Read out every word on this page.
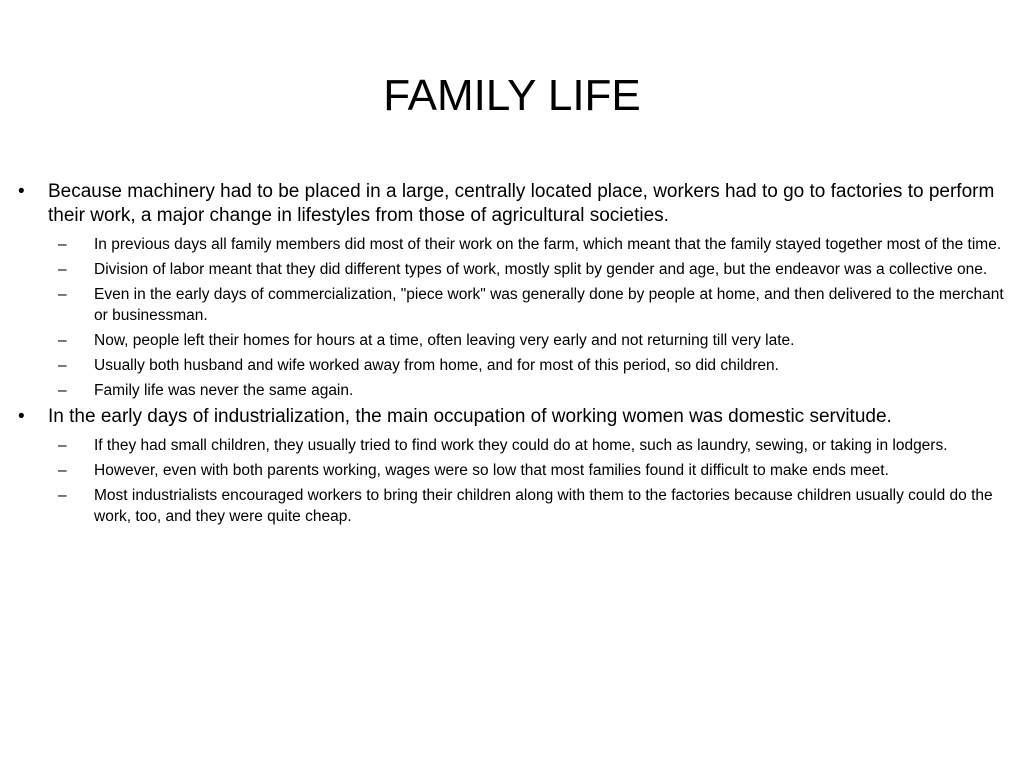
FAMILY LIFE
•	Because machinery had to be placed in a large, centrally located place, workers had to go to factories to perform their work, a major change in lifestyles from those of agricultural societies.
– In previous days all family members did most of their work on the farm, which meant that the family stayed together most of the time.
– Division of labor meant that they did different types of work, mostly split by gender and age, but the endeavor was a collective one.
– Even in the early days of commercialization, "piece work" was generally done by people at home, and then delivered to the merchant or businessman.
– Now, people left their homes for hours at a time, often leaving very early and not returning till very late.
– Usually both husband and wife worked away from home, and for most of this period, so did children.
– Family life was never the same again.
•	In the early days of industrialization, the main occupation of working women was domestic servitude.
– If they had small children, they usually tried to find work they could do at home, such as laundry, sewing, or taking in lodgers.
– However, even with both parents working, wages were so low that most families found it difficult to make ends meet.
– Most industrialists encouraged workers to bring their children along with them to the factories because children usually could do the work, too, and they were quite cheap.
